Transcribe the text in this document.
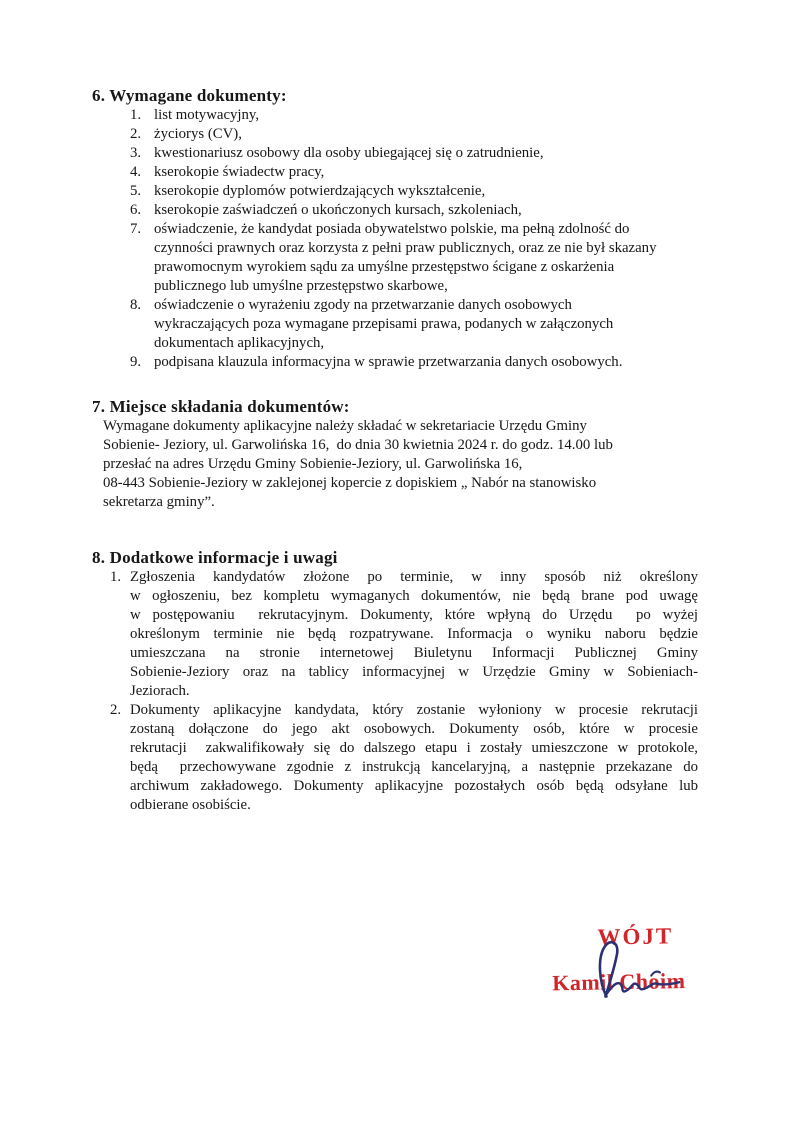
6. Wymagane dokumenty:
1. list motywacyjny,
2. życiorys (CV),
3. kwestionariusz osobowy dla osoby ubiegającej się o zatrudnienie,
4. kserokopie świadectw pracy,
5. kserokopie dyplomów potwierdzających wykształcenie,
6. kserokopie zaświadczeń o ukończonych kursach, szkoleniach,
7. oświadczenie, że kandydat posiada obywatelstwo polskie, ma pełną zdolność do
czynności prawnych oraz korzysta z pełni praw publicznych, oraz ze nie był skazany
prawomocnym wyrokiem sądu za umyślne przestępstwo ścigane z oskarżenia
publicznego lub umyślne przestępstwo skarbowe,
8. oświadczenie o wyrażeniu zgody na przetwarzanie danych osobowych
wykraczających poza wymagane przepisami prawa, podanych w załączonych
dokumentach aplikacyjnych,
9. podpisana klauzula informacyjna w sprawie przetwarzania danych osobowych.
7. Miejsce składania dokumentów:
Wymagane dokumenty aplikacyjne należy składać w sekretariacie Urzędu Gminy
Sobienie- Jeziory, ul. Garwolińska 16,  do dnia 30 kwietnia 2024 r. do godz. 14.00 lub
przesłać na adres Urzędu Gminy Sobienie-Jeziory, ul. Garwolińska 16,
08-443 Sobienie-Jeziory w zaklejonej kopercie z dopiskiem „ Nabór na stanowisko
sekretarza gminy”.
8. Dodatkowe informacje i uwagi
1. Zgłoszenia kandydatów złożone po terminie, w inny sposób niż określony
w ogłoszeniu, bez kompletu wymaganych dokumentów, nie będą brane pod uwagę
w postępowaniu  rekrutacyjnym. Dokumenty, które wpłyną do Urzędu  po wyżej
określonym terminie nie będą rozpatrywane. Informacja o wyniku naboru będzie
umieszczana na stronie internetowej Biuletynu Informacji Publicznej Gminy
Sobienie-Jeziory oraz na tablicy informacyjnej w Urzędzie Gminy w Sobieniach-
Jeziorach.
2. Dokumenty aplikacyjne kandydata, który zostanie wyłoniony w procesie rekrutacji
zostaną dołączone do jego akt osobowych. Dokumenty osób, które w procesie
rekrutacji  zakwalifikowały się do dalszego etapu i zostały umieszczone w protokole,
będą  przechowywane zgodnie z instrukcją kancelaryjną, a następnie przekazane do
archiwum zakładowego. Dokumenty aplikacyjne pozostałych osób będą odsyłane lub
odbierane osobiście.
WÓJT
Kamil Choim
